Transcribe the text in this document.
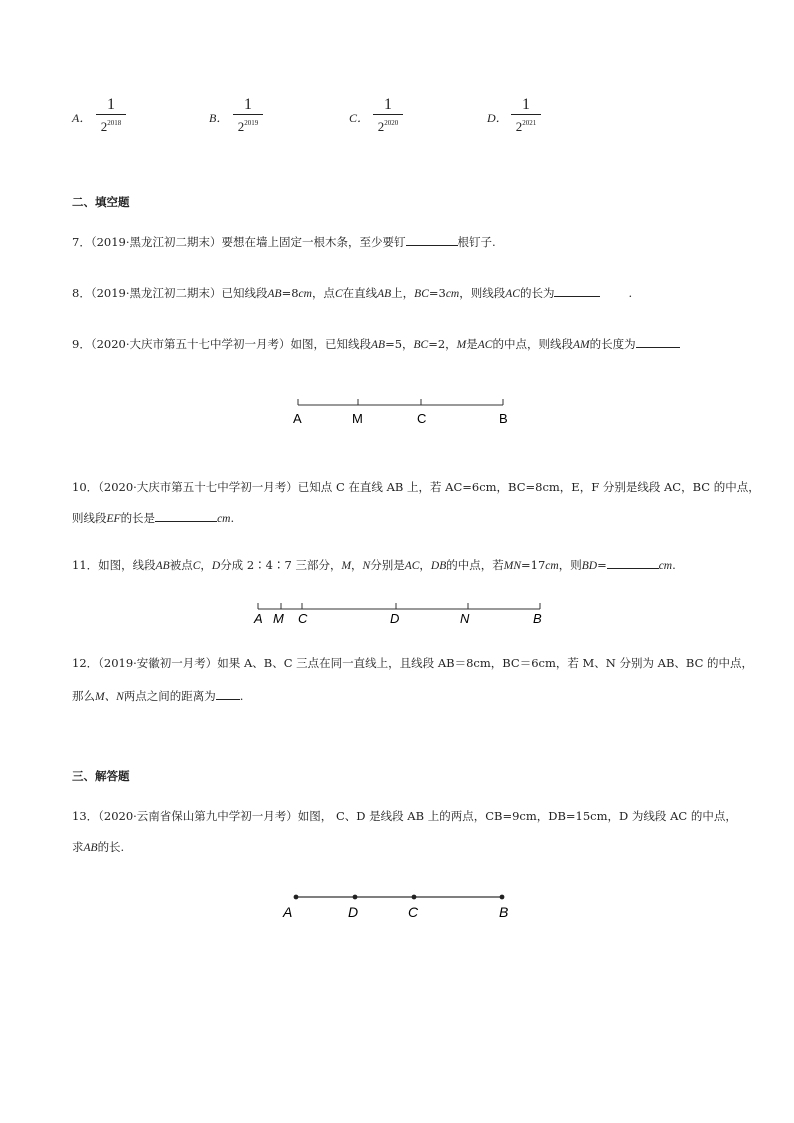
A．
1
$2^{2018}$	B．
1
$2^{2019}$	C．
1
$2^{2020}$	D．
1
$2^{2021}$
二、填空题
7．（2019·黑龙江初二期末）要想在墙上固定一根木条，至少要钉	根钉子.
8．（2019·黑龙江初二期末）已知线段AB=8cm，点C在直线AB上，BC=3cm，则线段AC的长为	.
9．（2020·大庆市第五十七中学初一月考）如图，已知线段AB=5，BC=2，M是AC的中点，则线段AM的长度为
A	M	C	B
10．（2020·大庆市第五十七中学初一月考）已知点 C 在直线 AB 上，若 AC=6cm，BC=8cm，E，F 分别是线段 AC，BC 的中点，
则线段EF的长是	cm.
11．如图，线段AB被点C，D分成 2∶4∶7 三部分，M，N分别是AC，DB的中点，若MN=17cm，则BD=	cm.
A M C	D	N	B
12．（2019·安徽初一月考）如果 A、B、C 三点在同一直线上，且线段 AB＝8cm，BC＝6cm，若 M、N 分别为 AB、BC 的中点，
那么M、N两点之间的距离为 .
三、解答题
13．（2020·云南省保山第九中学初一月考）如图， C、D 是线段 AB 上的两点，CB=9cm，DB=15cm，D 为线段 AC 的中点，
求AB的长.
A	D	C	B
